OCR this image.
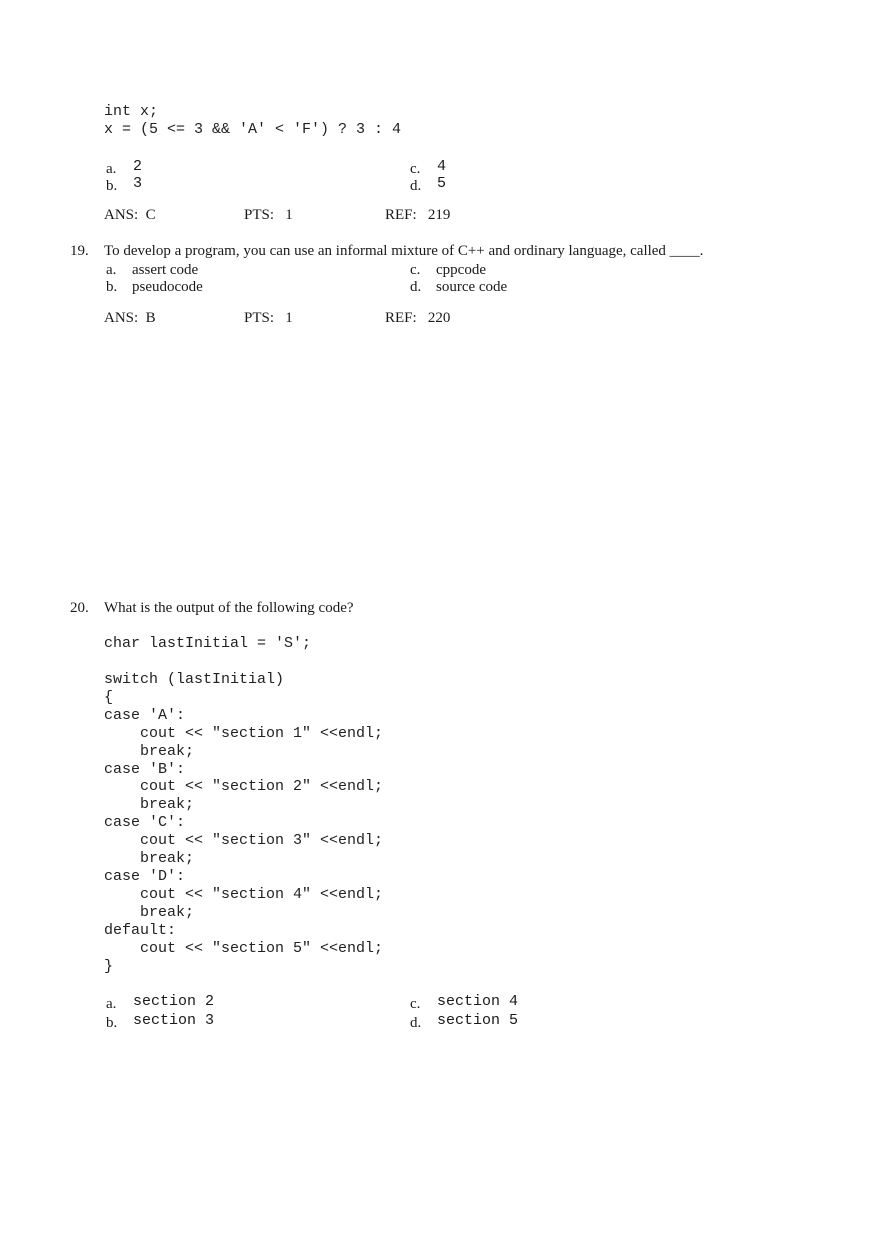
int x;
x = (5 <= 3 && 'A' < 'F') ? 3 : 4
a. 2
b. 3
c. 4
d. 5
ANS:  C	PTS:   1	REF:   219
19. To develop a program, you can use an informal mixture of C++ and ordinary language, called ____.
a. assert code
b. pseudocode
c. cppcode
d. source code
ANS:  B	PTS:   1	REF:   220
20. What is the output of the following code?
char lastInitial = 'S';
switch (lastInitial)
{
case 'A':
cout << "section 1" <<endl;
break;
case 'B':
cout << "section 2" <<endl;
break;
case 'C':
cout << "section 3" <<endl;
break;
case 'D':
cout << "section 4" <<endl;
break;
default:
cout << "section 5" <<endl;
}
a. section 2
b. section 3
c. section 4
d. section 5
